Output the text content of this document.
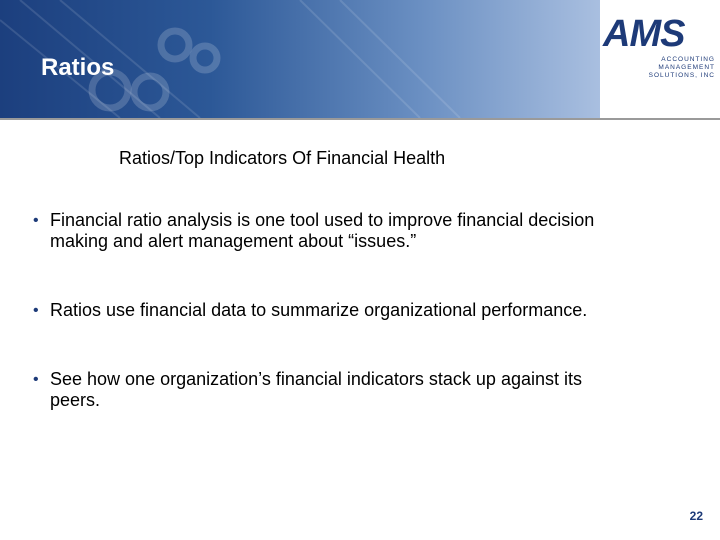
Ratios
AMS
ACCOUNTING
MANAGEMENT
SOLUTIONS, INC
Ratios/Top Indicators Of Financial Health
• Financial ratio analysis is one tool used to improve financial decision making and alert management about “issues.”
• Ratios use financial data to summarize organizational performance.
• See how one organization’s financial indicators stack up against its peers.
22
